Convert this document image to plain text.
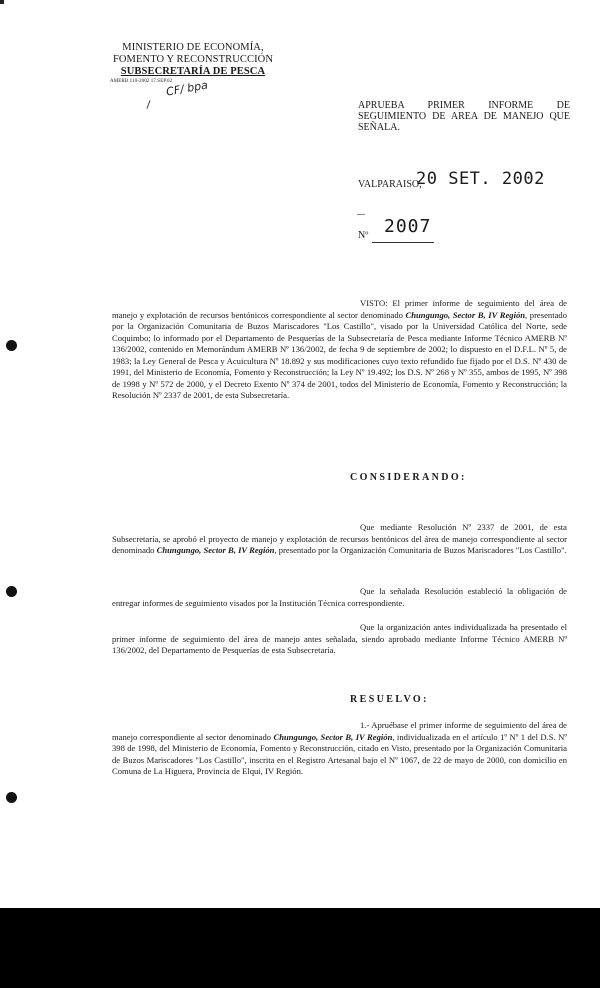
MINISTERIO DE ECONOMÍA,
FOMENTO Y RECONSTRUCCIÓN
SUBSECRETARÍA DE PESCA
AMERB 110-2002 17.SEP.02
CF/ bpa
APRUEBA PRIMER INFORME DE
SEGUIMIENTO DE AREA DE MANEJO QUE
SEÑALA.
VALPARAISO,
20 SET. 2002
Nº 2007
VISTO: El primer informe de seguimiento del área de manejo y explotación de recursos bentónicos correspondiente al sector denominado Chungungo, Sector B, IV Región, presentado por la Organización Comunitaria de Buzos Mariscadores "Los Castillo", visado por la Universidad Católica del Norte, sede Coquimbo; lo informado por el Departamento de Pesquerías de la Subsecretaría de Pesca mediante Informe Técnico AMERB Nº 136/2002, contenido en Memorándum AMERB Nº 136/2002, de fecha 9 de septiembre de 2002; lo dispuesto en el D.F.L. Nº 5, de 1983; la Ley General de Pesca y Acuicultura Nº 18.892 y sus modificaciones cuyo texto refundido fue fijado por el D.S. Nº 430 de 1991, del Ministerio de Economía, Fomento y Reconstrucción; la Ley Nº 19.492; los D.S. Nº 268 y Nº 355, ambos de 1995, Nº 398 de 1998 y Nº 572 de 2000, y el Decreto Exento Nº 374 de 2001, todos del Ministerio de Economía, Fomento y Reconstrucción; la Resolución Nº 2337 de 2001, de esta Subsecretaría.
CONSIDERANDO:
Que mediante Resolución Nº 2337 de 2001, de esta Subsecretaría, se aprobó el proyecto de manejo y explotación de recursos bentónicos del área de manejo correspondiente al sector denominado Chungungo, Sector B, IV Región, presentado por la Organización Comunitaria de Buzos Mariscadores "Los Castillo".
Que la señalada Resolución estableció la obligación de entregar informes de seguimiento visados por la Institución Técnica correspondiente.
Que la organización antes individualizada ha presentado el primer informe de seguimiento del área de manejo antes señalada, siendo aprobado mediante Informe Técnico AMERB Nº 136/2002, del Departamento de Pesquerías de esta Subsecretaría.
RESUELVO:
1.- Apruébase el primer informe de seguimiento del área de manejo correspondiente al sector denominado Chungungo, Sector B, IV Región, individualizada en el artículo 1º Nº 1 del D.S. Nº 398 de 1998, del Ministerio de Economía, Fomento y Reconstrucción, citado en Visto, presentado por la Organización Comunitaria de Buzos Mariscadores "Los Castillo", inscrita en el Registro Artesanal bajo el Nº 1067, de 22 de mayo de 2000, con domicilio en Comuna de La Higuera, Provincia de Elqui, IV Región.
